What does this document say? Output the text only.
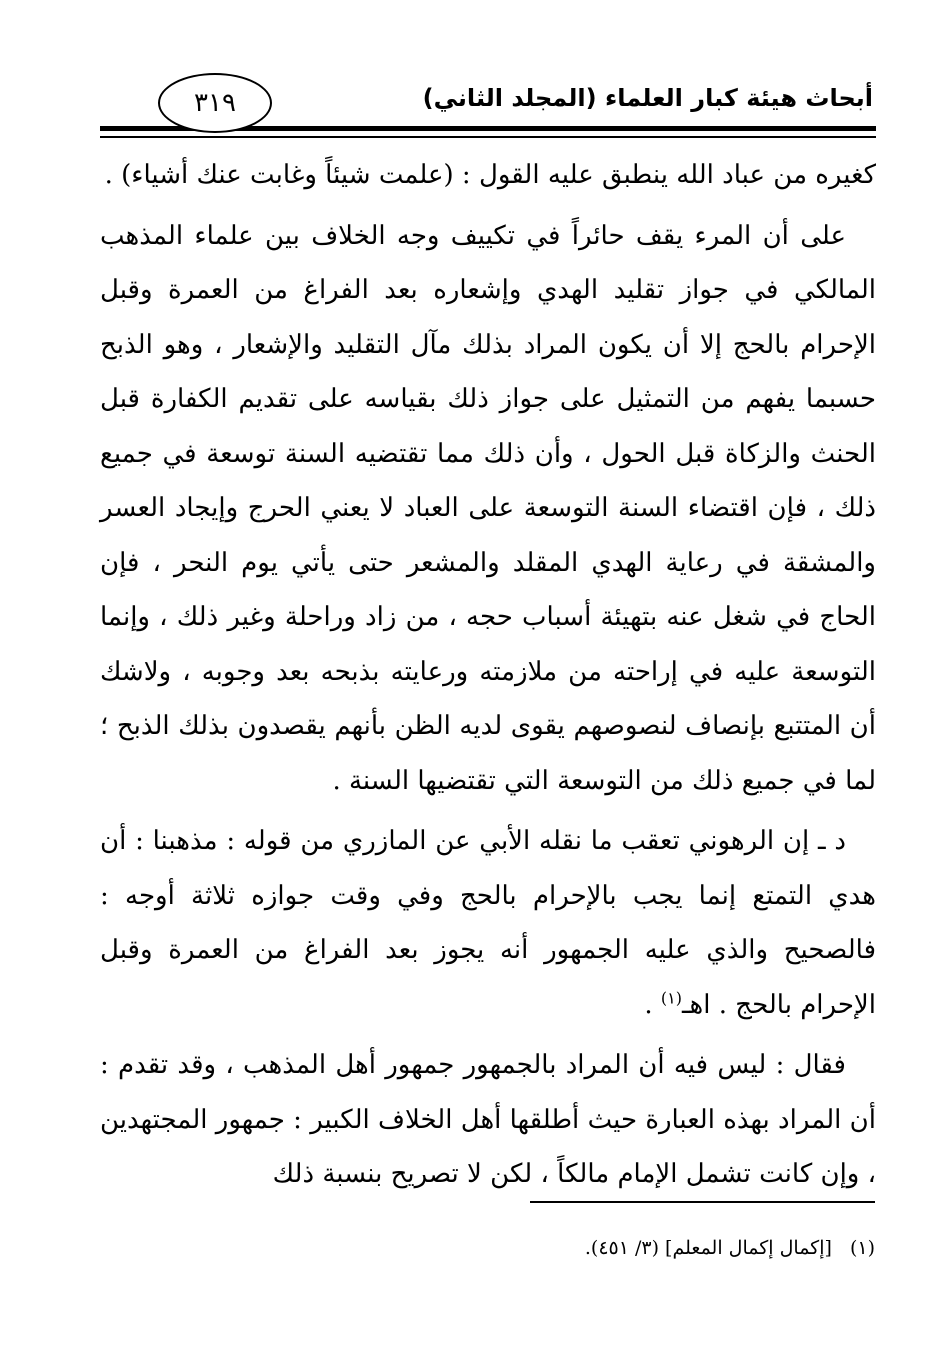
أبحاث هيئة كبار العلماء (المجلد الثاني)
٣١٩

كغيره من عباد الله ينطبق عليه القول : (علمت شيئاً وغابت عنك أشياء) .

على أن المرء يقف حائراً في تكييف وجه الخلاف بين علماء المذهب المالكي في جواز تقليد الهدي وإشعاره بعد الفراغ من العمرة وقبل الإحرام بالحج إلا أن يكون المراد بذلك مآل التقليد والإشعار ، وهو الذبح حسبما يفهم من التمثيل على جواز ذلك بقياسه على تقديم الكفارة قبل الحنث والزكاة قبل الحول ، وأن ذلك مما تقتضيه السنة توسعة في جميع ذلك ، فإن اقتضاء السنة التوسعة على العباد لا يعني الحرج وإيجاد العسر والمشقة في رعاية الهدي المقلد والمشعر حتى يأتي يوم النحر ، فإن الحاج في شغل عنه بتهيئة أسباب حجه ، من زاد وراحلة وغير ذلك ، وإنما التوسعة عليه في إراحته من ملازمته ورعايته بذبحه بعد وجوبه ، ولاشك أن المتتبع بإنصاف لنصوصهم يقوى لديه الظن بأنهم يقصدون بذلك الذبح ؛ لما في جميع ذلك من التوسعة التي تقتضيها السنة .

د ـ إن الرهوني تعقب ما نقله الأبي عن المازري من قوله : مذهبنا : أن هدي التمتع إنما يجب بالإحرام بالحج وفي وقت جوازه ثلاثة أوجه : فالصحيح والذي عليه الجمهور أنه يجوز بعد الفراغ من العمرة وقبل الإحرام بالحج . اهـ$^{(١)}$ .

فقال : ليس فيه أن المراد بالجمهور جمهور أهل المذهب ، وقد تقدم : أن المراد بهذه العبارة حيث أطلقها أهل الخلاف الكبير : جمهور المجتهدين ، وإن كانت تشمل الإمام مالكاً ، لكن لا تصريح بنسبة ذلك

(١)[إكمال إكمال المعلم] (٣/ ٤٥١).
